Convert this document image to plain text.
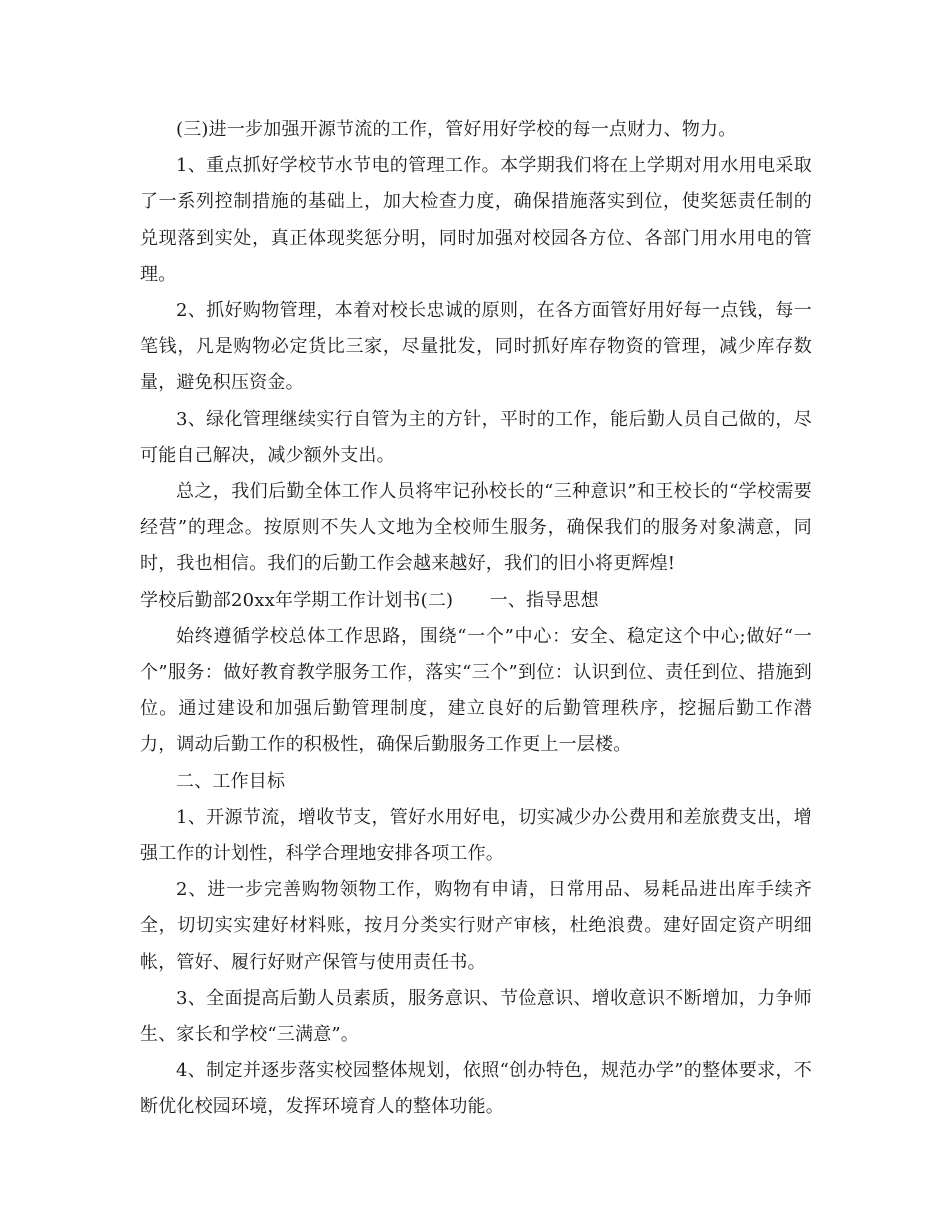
(三)进一步加强开源节流的工作，管好用好学校的每一点财力、物力。

1、重点抓好学校节水节电的管理工作。本学期我们将在上学期对用水用电采取了一系列控制措施的基础上，加大检查力度，确保措施落实到位，使奖惩责任制的兑现落到实处，真正体现奖惩分明，同时加强对校园各方位、各部门用水用电的管理。

2、抓好购物管理，本着对校长忠诚的原则，在各方面管好用好每一点钱，每一笔钱，凡是购物必定货比三家，尽量批发，同时抓好库存物资的管理，减少库存数量，避免积压资金。

3、绿化管理继续实行自管为主的方针，平时的工作，能后勤人员自己做的，尽可能自己解决，减少额外支出。

总之，我们后勤全体工作人员将牢记孙校长的“三种意识”和王校长的“学校需要经营”的理念。按原则不失人文地为全校师生服务，确保我们的服务对象满意，同时，我也相信。我们的后勤工作会越来越好，我们的旧小将更辉煌!

学校后勤部20xx年学期工作计划书(二)　　一、指导思想

始终遵循学校总体工作思路，围绕“一个”中心：安全、稳定这个中心;做好“一个”服务：做好教育教学服务工作，落实“三个”到位：认识到位、责任到位、措施到位。通过建设和加强后勤管理制度，建立良好的后勤管理秩序，挖掘后勤工作潜力，调动后勤工作的积极性，确保后勤服务工作更上一层楼。

二、工作目标

1、开源节流，增收节支，管好水用好电，切实减少办公费用和差旅费支出，增强工作的计划性，科学合理地安排各项工作。

2、进一步完善购物领物工作，购物有申请，日常用品、易耗品进出库手续齐全，切切实实建好材料账，按月分类实行财产审核，杜绝浪费。建好固定资产明细帐，管好、履行好财产保管与使用责任书。

3、全面提高后勤人员素质，服务意识、节俭意识、增收意识不断增加，力争师生、家长和学校“三满意”。

4、制定并逐步落实校园整体规划，依照“创办特色，规范办学”的整体要求，不断优化校园环境，发挥环境育人的整体功能。
